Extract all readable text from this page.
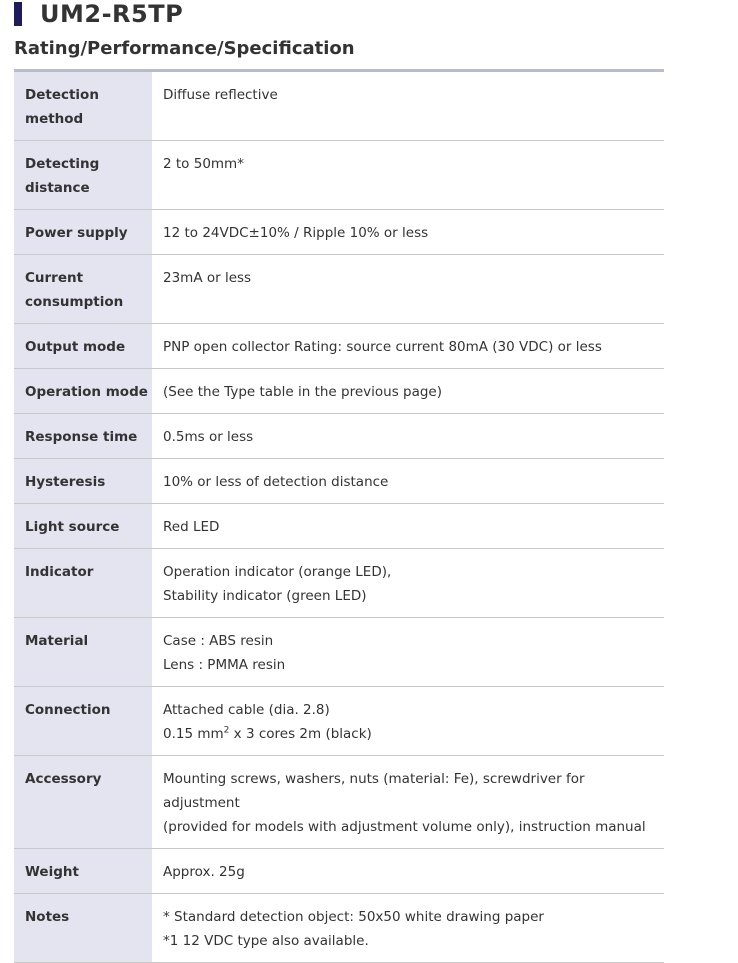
UM2-R5TP
Rating/Performance/Specification
Detection
method	Diffuse reflective

Detecting
distance	2 to 50mm*

Power supply	12 to 24VDC±10% / Ripple 10% or less

Current
consumption	23mA or less

Output mode	PNP open collector Rating: source current 80mA (30 VDC) or less

Operation mode	(See the Type table in the previous page)

Response time	0.5ms or less

Hysteresis	10% or less of detection distance

Light source	Red LED

Indicator	Operation indicator (orange LED),
Stability indicator (green LED)

Material	Case : ABS resin
Lens : PMMA resin

Connection	Attached cable (dia. 2.8)
0.15 $mm^2$ x 3 cores 2m (black)

Accessory	Mounting screws, washers, nuts (material: Fe), screwdriver for adjustment
(provided for models with adjustment volume only), instruction manual

Weight	Approx. 25g

Notes	* Standard detection object: 50x50 white drawing paper
*1 12 VDC type also available.
